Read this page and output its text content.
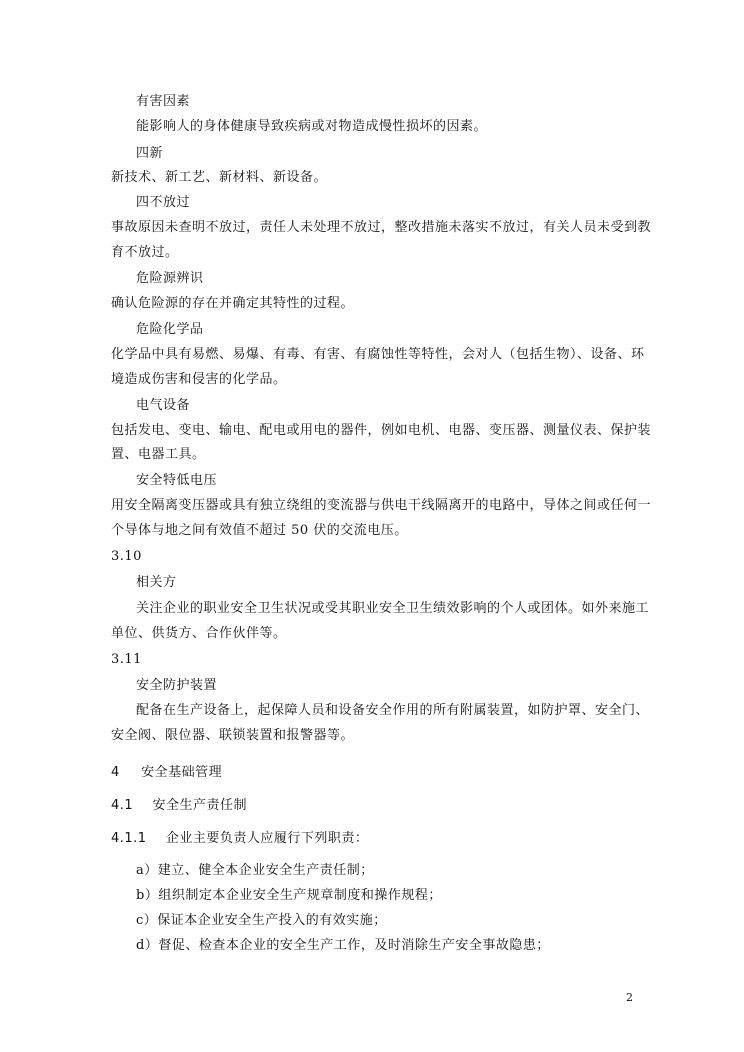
有害因素
能影响人的身体健康导致疾病或对物造成慢性损坏的因素。
四新
新技术、新工艺、新材料、新设备。
四不放过
事故原因未查明不放过，责任人未处理不放过，整改措施未落实不放过，有关人员未受到教
育不放过。
危险源辨识
确认危险源的存在并确定其特性的过程。
危险化学品
化学品中具有易燃、易爆、有毒、有害、有腐蚀性等特性，会对人（包括生物）、设备、环
境造成伤害和侵害的化学品。
电气设备
包括发电、变电、输电、配电或用电的器件，例如电机、电器、变压器、测量仪表、保护装
置、电器工具。
安全特低电压
用安全隔离变压器或具有独立绕组的变流器与供电干线隔离开的电路中，导体之间或任何一
个导体与地之间有效值不超过 50 伏的交流电压。
3.10
相关方
关注企业的职业安全卫生状况或受其职业安全卫生绩效影响的个人或团体。如外来施工
单位、供货方、合作伙伴等。
3.11
安全防护装置
配备在生产设备上，起保障人员和设备安全作用的所有附属装置，如防护罩、安全门、
安全阀、限位器、联锁装置和报警器等。
4 安全基础管理
4.1 安全生产责任制
4.1.1 企业主要负责人应履行下列职责：
a）建立、健全本企业安全生产责任制；
b）组织制定本企业安全生产规章制度和操作规程；
c）保证本企业安全生产投入的有效实施；
d）督促、检查本企业的安全生产工作，及时消除生产安全事故隐患；
2
